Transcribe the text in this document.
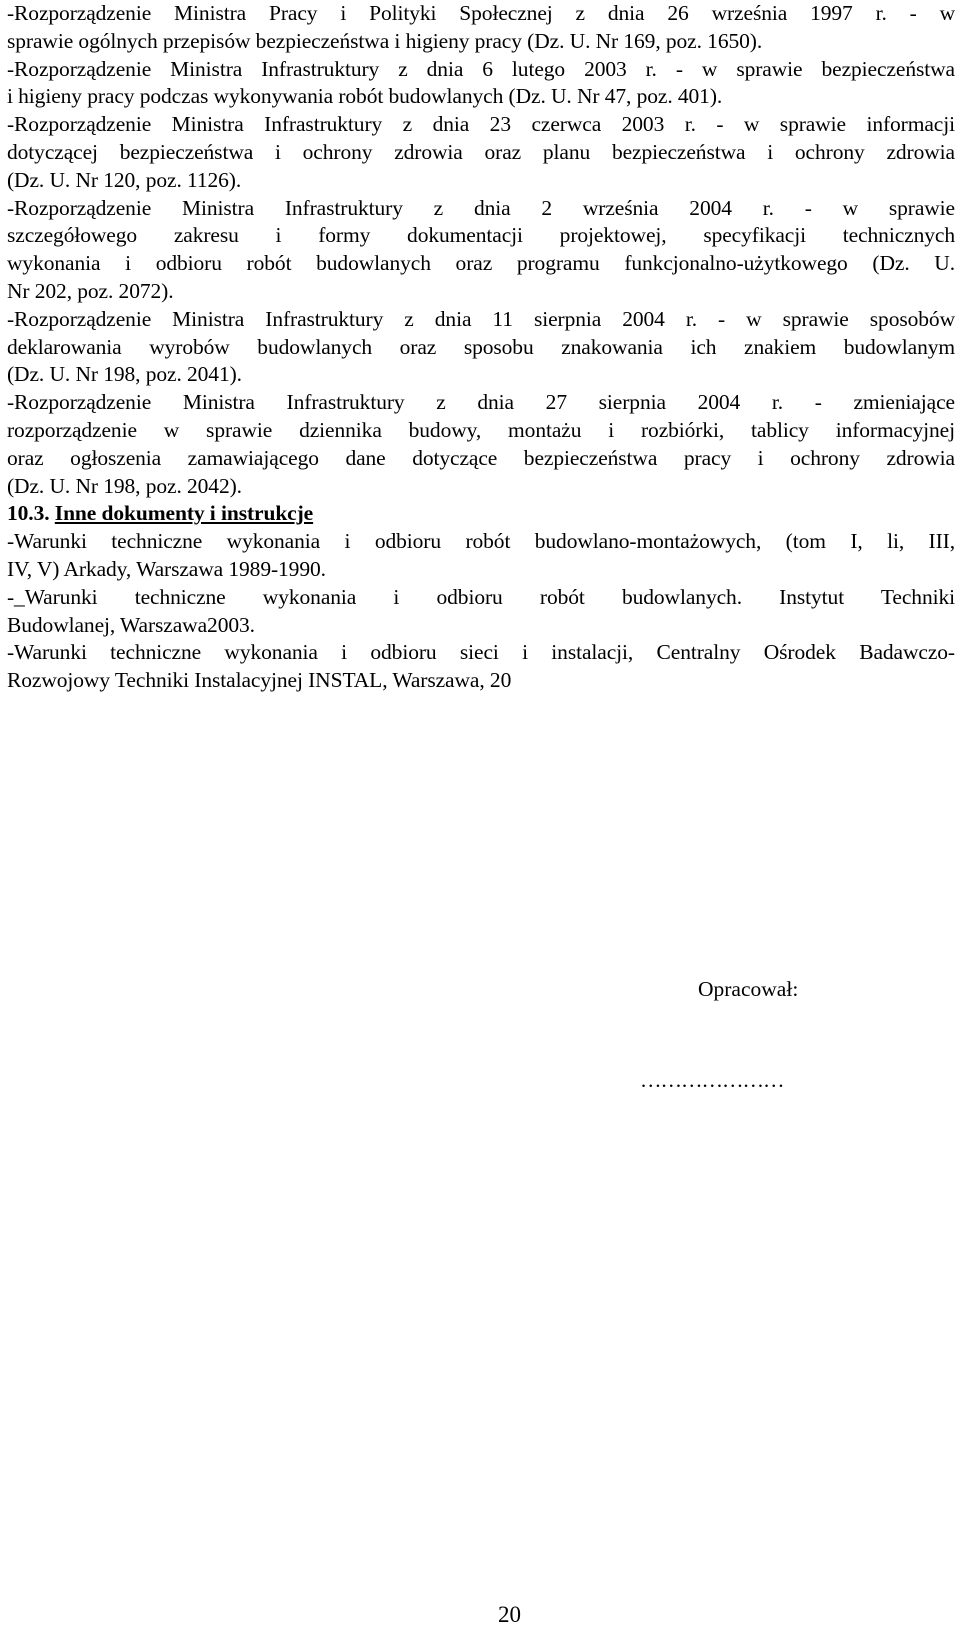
-Rozporządzenie Ministra Pracy i Polityki Społecznej z dnia 26 września 1997 r. - w
sprawie ogólnych przepisów bezpieczeństwa i higieny pracy (Dz. U. Nr 169, poz. 1650).
-Rozporządzenie Ministra Infrastruktury z dnia 6 lutego 2003 r. - w sprawie bezpieczeństwa
i higieny pracy podczas wykonywania robót budowlanych (Dz. U. Nr 47, poz. 401).
-Rozporządzenie Ministra Infrastruktury z dnia 23 czerwca 2003 r. - w sprawie informacji
dotyczącej bezpieczeństwa i ochrony zdrowia oraz planu bezpieczeństwa i ochrony zdrowia
(Dz. U. Nr 120, poz. 1126).
-Rozporządzenie Ministra Infrastruktury z dnia 2 września 2004 r. - w sprawie
szczegółowego zakresu i formy dokumentacji projektowej, specyfikacji technicznych
wykonania i odbioru robót budowlanych oraz programu funkcjonalno-użytkowego (Dz. U.
Nr 202, poz. 2072).
-Rozporządzenie Ministra Infrastruktury z dnia 11 sierpnia 2004 r. - w sprawie sposobów
deklarowania wyrobów budowlanych oraz sposobu znakowania ich znakiem budowlanym
(Dz. U. Nr 198, poz. 2041).
-Rozporządzenie Ministra Infrastruktury z dnia 27 sierpnia 2004 r. - zmieniające
rozporządzenie w sprawie dziennika budowy, montażu i rozbiórki, tablicy informacyjnej
oraz ogłoszenia zamawiającego dane dotyczące bezpieczeństwa pracy i ochrony zdrowia
(Dz. U. Nr 198, poz. 2042).
10.3. Inne dokumenty i instrukcje
-Warunki techniczne wykonania i odbioru robót budowlano-montażowych, (tom I, li, III,
IV, V) Arkady, Warszawa 1989-1990.
-_Warunki techniczne wykonania i odbioru robót budowlanych. Instytut Techniki
Budowlanej, Warszawa2003.
-Warunki techniczne wykonania i odbioru sieci i instalacji, Centralny Ośrodek Badawczo-
Rozwojowy Techniki Instalacyjnej INSTAL, Warszawa, 20
Opracował:
…………………
20
